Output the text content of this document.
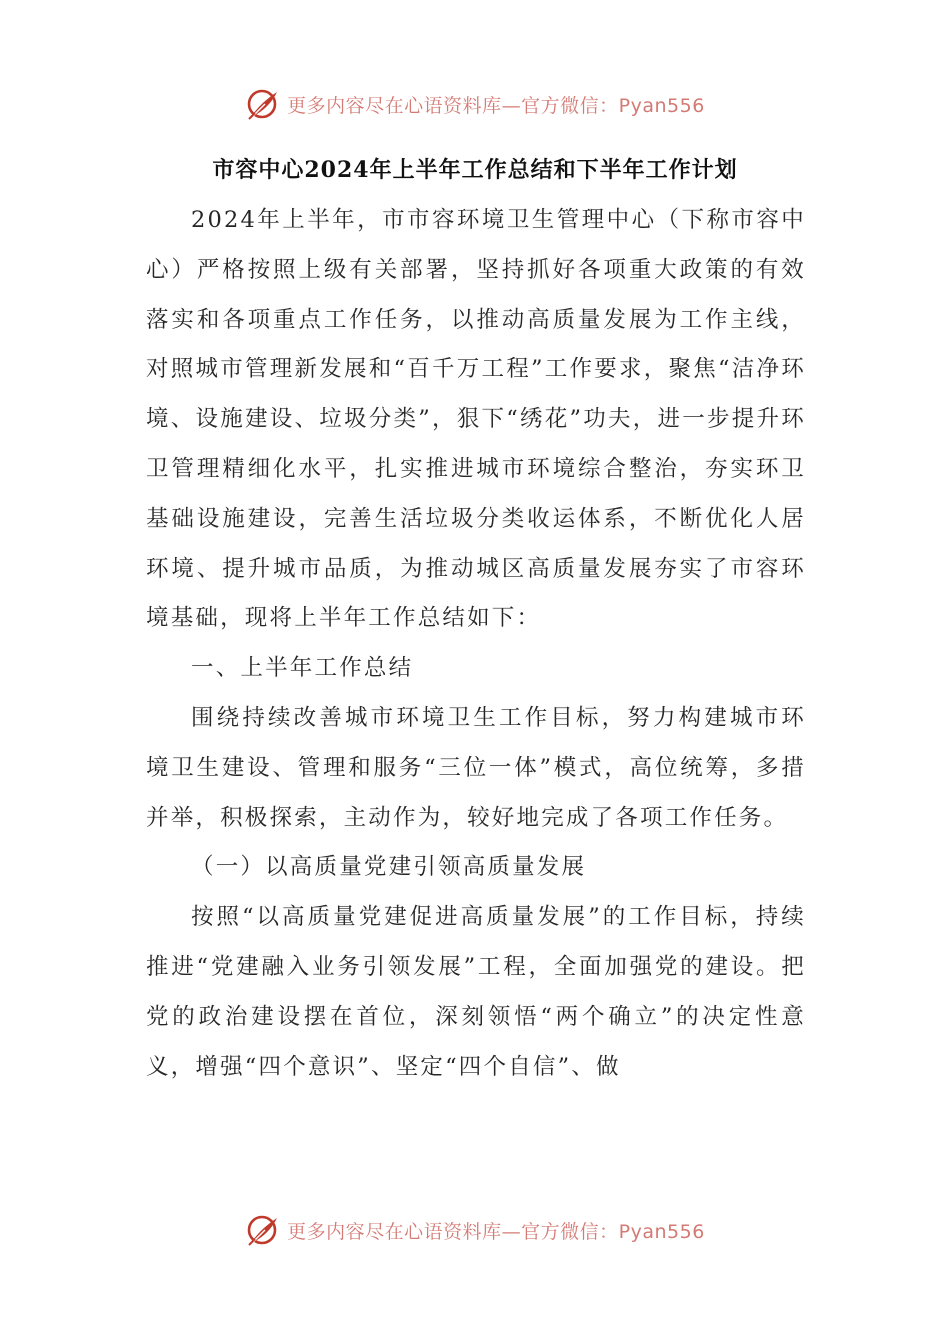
更多内容尽在心语资料库—官方微信：Pyan556
市容中心2024年上半年工作总结和下半年工作计划

2024年上半年，市市容环境卫生管理中心（下称市容中心）严格按照上级有关部署，坚持抓好各项重大政策的有效落实和各项重点工作任务，以推动高质量发展为工作主线，对照城市管理新发展和“百千万工程”工作要求，聚焦“洁净环境、设施建设、垃圾分类”，狠下“绣花”功夫，进一步提升环卫管理精细化水平，扎实推进城市环境综合整治，夯实环卫基础设施建设，完善生活垃圾分类收运体系，不断优化人居环境、提升城市品质，为推动城区高质量发展夯实了市容环境基础，现将上半年工作总结如下：

一、上半年工作总结

围绕持续改善城市环境卫生工作目标，努力构建城市环境卫生建设、管理和服务“三位一体”模式，高位统筹，多措并举，积极探索，主动作为，较好地完成了各项工作任务。

（一）以高质量党建引领高质量发展

按照“以高质量党建促进高质量发展”的工作目标，持续推进“党建融入业务引领发展”工程，全面加强党的建设。把党的政治建设摆在首位，深刻领悟“两个确立”的决定性意义，增强“四个意识”、坚定“四个自信”、做

更多内容尽在心语资料库—官方微信：Pyan556
